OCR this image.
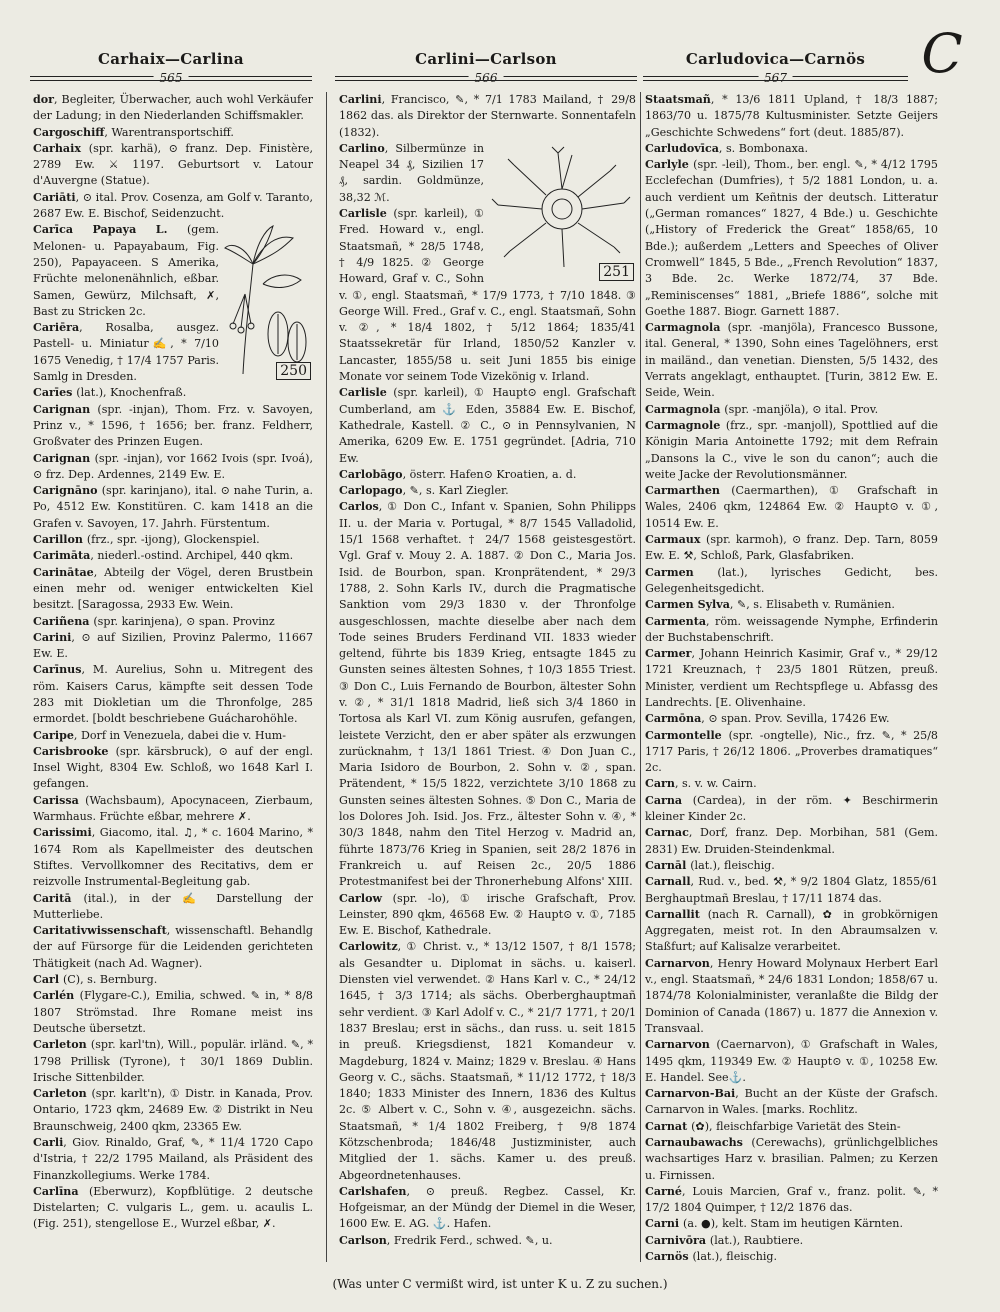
C
Carhaix—Carlina
565
Carlini—Carlson
566
Carludovica—Carnös
567

dor, Begleiter, Überwacher, auch wohl Verkäufer der Ladung; in den Niederlanden Schiffsmakler.

Cargoschiff, Warentransportschiff.

Carhaix (spr. karhä), ⊙ franz. Dep. Finistère, 2789 Ew. ⚔ 1197. Geburtsort v. Latour d'Auvergne (Statue).

Cariāti, ⊙ ital. Prov. Cosenza, am Golf v. Taranto, 2687 Ew. E. Bischof, Seidenzucht.

250

Carīca Papaya L. (gem. Melonen- u. Papayabaum, Fig. 250), Papayaceen. S Amerika, Früchte melonenähnlich, eßbar. Samen, Gewürz, Milchsaft, ✗, Bast zu Stricken 2c.

Cariēra, Rosalba, ausgez. Pastell- u. Miniatur✍, * 7/10 1675 Venedig, † 17/4 1757 Paris. Samlg in Dresden.

Carīes (lat.), Knochenfraß.

Carignan (spr. -injan), Thom. Frz. v. Savoyen, Prinz v., * 1596, † 1656; ber. franz. Feldherr, Großvater des Prinzen Eugen.

Carignan (spr. -injan), vor 1662 Ivois (spr. Ivoá), ⊙ frz. Dep. Ardennes, 2149 Ew. E.

Carignāno (spr. karinjano), ital. ⊙ nahe Turin, a. Po, 4512 Ew. Konstitüren. C. kam 1418 an die Grafen v. Savoyen, 17. Jahrh. Fürstentum.

Carillon (frz., spr. -ijong), Glockenspiel.

Carimāta, niederl.-ostind. Archipel, 440 qkm.

Carinātae, Abteilg der Vögel, deren Brustbein einen mehr od. weniger entwickelten Kiel besitzt. [Saragossa, 2933 Ew. Wein.

Cariñena (spr. karinjena), ⊙ span. Provinz

Carini, ⊙ auf Sizilien, Provinz Palermo, 11667 Ew. E.

Carīnus, M. Aurelius, Sohn u. Mitregent des röm. Kaisers Carus, kämpfte seit dessen Tode 283 mit Diokletian um die Thronfolge, 285 ermordet. [boldt beschriebene Guácharohöhle.

Caripe, Dorf in Venezuela, dabei die v. Hum-

Carisbrooke (spr. kärsbruck), ⊙ auf der engl. Insel Wight, 8304 Ew. Schloß, wo 1648 Karl I. gefangen.

Carissa (Wachsbaum), Apocynaceen, Zierbaum, Warmhaus. Früchte eßbar, mehrere ✗.

Carissimi, Giacomo, ital. ♫, * c. 1604 Marino, * 1674 Rom als Kapellmeister des deutschen Stiftes. Vervollkomner des Recitativs, dem er reizvolle Instrumental-Begleitung gab.

Caritā (ital.), in der ✍ Darstellung der Mutterliebe.

Caritativwissenschaft, wissenschaftl. Behandlg der auf Fürsorge für die Leidenden gerichteten Thätigkeit (nach Ad. Wagner).

Carl (C), s. Bernburg.

Carlén (Flygare-C.), Emilia, schwed. ✎ in, * 8/8 1807 Strömstad. Ihre Romane meist ins Deutsche übersetzt.

Carleton (spr. karl'tn), Will., populär. irländ. ✎, * 1798 Prillisk (Tyrone), † 30/1 1869 Dublin. Irische Sittenbilder.

Carleton (spr. karlt'n), ① Distr. in Kanada, Prov. Ontario, 1723 qkm, 24689 Ew. ② Distrikt in Neu Braunschweig, 2400 qkm, 23365 Ew.

Carli, Giov. Rinaldo, Graf, ✎, * 11/4 1720 Capo d'Istria, † 22/2 1795 Mailand, als Präsident des Finanzkollegiums. Werke 1784.

Carlīna (Eberwurz), Kopfblütige. 2 deutsche Distelarten; C. vulgaris L., gem. u. acaulis L. (Fig. 251), stengellose E., Wurzel eßbar, ✗.

Carlini, Francisco, ✎, * 7/1 1783 Mailand, † 29/8 1862 das. als Direktor der Sternwarte. Sonnentafeln (1832).

251

Carlino, Silbermünze in Neapel 34 ₰, Sizilien 17 ₰, sardin. Goldmünze, 38,32 ℳ.

Carlisle (spr. karleil), ① Fred. Howard v., engl. Staatsmañ, * 28/5 1748, † 4/9 1825. ② George Howard, Graf v. C., Sohn v. ①, engl. Staatsmañ, * 17/9 1773, † 7/10 1848. ③ George Will. Fred., Graf v. C., engl. Staatsmañ, Sohn v. ②, * 18/4 1802, † 5/12 1864; 1835/41 Staatssekretär für Irland, 1850/52 Kanzler v. Lancaster, 1855/58 u. seit Juni 1855 bis einige Monate vor seinem Tode Vizekönig v. Irland.

Carlisle (spr. karleil), ① Haupt⊙ engl. Grafschaft Cumberland, am ⚓ Eden, 35884 Ew. E. Bischof, Kathedrale, Kastell. ② C., ⊙ in Pennsylvanien, N Amerika, 6209 Ew. E. 1751 gegründet. [Adria, 710 Ew.

Carlobāgo, österr. Hafen⊙ Kroatien, a. d.

Carlopago, ✎, s. Karl Ziegler.

Carlos, ① Don C., Infant v. Spanien, Sohn Philipps II. u. der Maria v. Portugal, * 8/7 1545 Valladolid, 15/1 1568 verhaftet. † 24/7 1568 geistesgestört. Vgl. Graf v. Mouy 2. A. 1887. ② Don C., Maria Jos. Isid. de Bourbon, span. Kronprätendent, * 29/3 1788, 2. Sohn Karls IV., durch die Pragmatische Sanktion vom 29/3 1830 v. der Thronfolge ausgeschlossen, machte dieselbe aber nach dem Tode seines Bruders Ferdinand VII. 1833 wieder geltend, führte bis 1839 Krieg, entsagte 1845 zu Gunsten seines ältesten Sohnes, † 10/3 1855 Triest. ③ Don C., Luis Fernando de Bourbon, ältester Sohn v. ②, * 31/1 1818 Madrid, ließ sich 3/4 1860 in Tortosa als Karl VI. zum König ausrufen, gefangen, leistete Verzicht, den er aber später als erzwungen zurücknahm, † 13/1 1861 Triest. ④ Don Juan C., Maria Isidoro de Bourbon, 2. Sohn v. ②, span. Prätendent, * 15/5 1822, verzichtete 3/10 1868 zu Gunsten seines ältesten Sohnes. ⑤ Don C., Maria de los Dolores Joh. Isid. Jos. Frz., ältester Sohn v. ④, * 30/3 1848, nahm den Titel Herzog v. Madrid an, führte 1873/76 Krieg in Spanien, seit 28/2 1876 in Frankreich u. auf Reisen 2c., 20/5 1886 Protestmanifest bei der Thronerhebung Alfons' XIII.

Carlow (spr. -lo), ① irische Grafschaft, Prov. Leinster, 890 qkm, 46568 Ew. ② Haupt⊙ v. ①, 7185 Ew. E. Bischof, Kathedrale.

Carlowitz, ① Christ. v., * 13/12 1507, † 8/1 1578; als Gesandter u. Diplomat in sächs. u. kaiserl. Diensten viel verwendet. ② Hans Karl v. C., * 24/12 1645, † 3/3 1714; als sächs. Oberberghauptmañ sehr verdient. ③ Karl Adolf v. C., * 21/7 1771, † 20/1 1837 Breslau; erst in sächs., dan russ. u. seit 1815 in preuß. Kriegsdienst, 1821 Komandeur v. Magdeburg, 1824 v. Mainz; 1829 v. Breslau. ④ Hans Georg v. C., sächs. Staatsmañ, * 11/12 1772, † 18/3 1840; 1833 Minister des Innern, 1836 des Kultus 2c. ⑤ Albert v. C., Sohn v. ④, ausgezeichn. sächs. Staatsmañ, * 1/4 1802 Freiberg, † 9/8 1874 Kötzschenbroda; 1846/48 Justizminister, auch Mitglied der 1. sächs. Kamer u. des preuß. Abgeordnetenhauses.

Carlshafen, ⊙ preuß. Regbez. Cassel, Kr. Hofgeismar, an der Mündg der Diemel in die Weser, 1600 Ew. E. AG. ⚓. Hafen.

Carlson, Fredrik Ferd., schwed. ✎, u.

Staatsmañ, * 13/6 1811 Upland, † 18/3 1887; 1863/70 u. 1875/78 Kultusminister. Setzte Geijers „Geschichte Schwedens“ fort (deut. 1885/87).

Carludovīca, s. Bombonaxa.

Carlyle (spr. -leil), Thom., ber. engl. ✎, * 4/12 1795 Ecclefechan (Dumfries), † 5/2 1881 London, u. a. auch verdient um Keñtnis der deutsch. Litteratur („German romances“ 1827, 4 Bde.) u. Geschichte („History of Frederick the Great“ 1858/65, 10 Bde.); außerdem „Letters and Speeches of Oliver Cromwell“ 1845, 5 Bde., „French Revolution“ 1837, 3 Bde. 2c. Werke 1872/74, 37 Bde. „Reminiscenses“ 1881, „Briefe 1886“, solche mit Goethe 1887. Biogr. Garnett 1887.

Carmagnola (spr. -manjöla), Francesco Bussone, ital. General, * 1390, Sohn eines Tagelöhners, erst in mailänd., dan venetian. Diensten, 5/5 1432, des Verrats angeklagt, enthauptet. [Turin, 3812 Ew. E. Seide, Wein.

Carmagnola (spr. -manjöla), ⊙ ital. Prov.

Carmagnole (frz., spr. -manjoll), Spottlied auf die Königin Maria Antoinette 1792; mit dem Refrain „Dansons la C., vive le son du canon“; auch die weite Jacke der Revolutionsmänner.

Carmarthen (Caermarthen), ① Grafschaft in Wales, 2406 qkm, 124864 Ew. ② Haupt⊙ v. ①, 10514 Ew. E.

Carmaux (spr. karmoh), ⊙ franz. Dep. Tarn, 8059 Ew. E. ⚒, Schloß, Park, Glasfabriken.

Carmen (lat.), lyrisches Gedicht, bes. Gelegenheitsgedicht.

Carmen Sylva, ✎, s. Elisabeth v. Rumänien.

Carmenta, röm. weissagende Nymphe, Erfinderin der Buchstabenschrift.

Carmer, Johann Heinrich Kasimir, Graf v., * 29/12 1721 Kreuznach, † 23/5 1801 Rützen, preuß. Minister, verdient um Rechtspflege u. Abfassg des Landrechts. [E. Olivenhaine.

Carmōna, ⊙ span. Prov. Sevilla, 17426 Ew.

Carmontelle (spr. -ongtelle), Nic., frz. ✎, * 25/8 1717 Paris, † 26/12 1806. „Proverbes dramatiques“ 2c.

Carn, s. v. w. Cairn.

Carna (Cardea), in der röm. ✦ Beschirmerin kleiner Kinder 2c.

Carnac, Dorf, franz. Dep. Morbihan, 581 (Gem. 2831) Ew. Druiden-Steindenkmal.

Carnāl (lat.), fleischig.

Carnall, Rud. v., bed. ⚒, * 9/2 1804 Glatz, 1855/61 Berghauptmañ Breslau, † 17/11 1874 das.

Carnallit (nach R. Carnall), ✿ in grobkörnigen Aggregaten, meist rot. In den Abraumsalzen v. Staßfurt; auf Kalisalze verarbeitet.

Carnarvon, Henry Howard Molynaux Herbert Earl v., engl. Staatsmañ, * 24/6 1831 London; 1858/67 u. 1874/78 Kolonialminister, veranlaßte die Bildg der Dominion of Canada (1867) u. 1877 die Annexion v. Transvaal.

Carnarvon (Caernarvon), ① Grafschaft in Wales, 1495 qkm, 119349 Ew. ② Haupt⊙ v. ①, 10258 Ew. E. Handel. See⚓.

Carnarvon-Bai, Bucht an der Küste der Grafsch. Carnarvon in Wales. [marks. Rochlitz.

Carnat (✿), fleischfarbige Varietät des Stein-

Carnaubawachs (Cerewachs), grünlichgelbliches wachsartiges Harz v. brasilian. Palmen; zu Kerzen u. Firnissen.

Carné, Louis Marcien, Graf v., franz. polit. ✎, * 17/2 1804 Quimper, † 12/2 1876 das.

Carni (a. ●), kelt. Stam im heutigen Kärnten.

Carnivōra (lat.), Raubtiere.

Carnös (lat.), fleischig.

(Was unter C vermißt wird, ist unter K u. Z zu suchen.)
